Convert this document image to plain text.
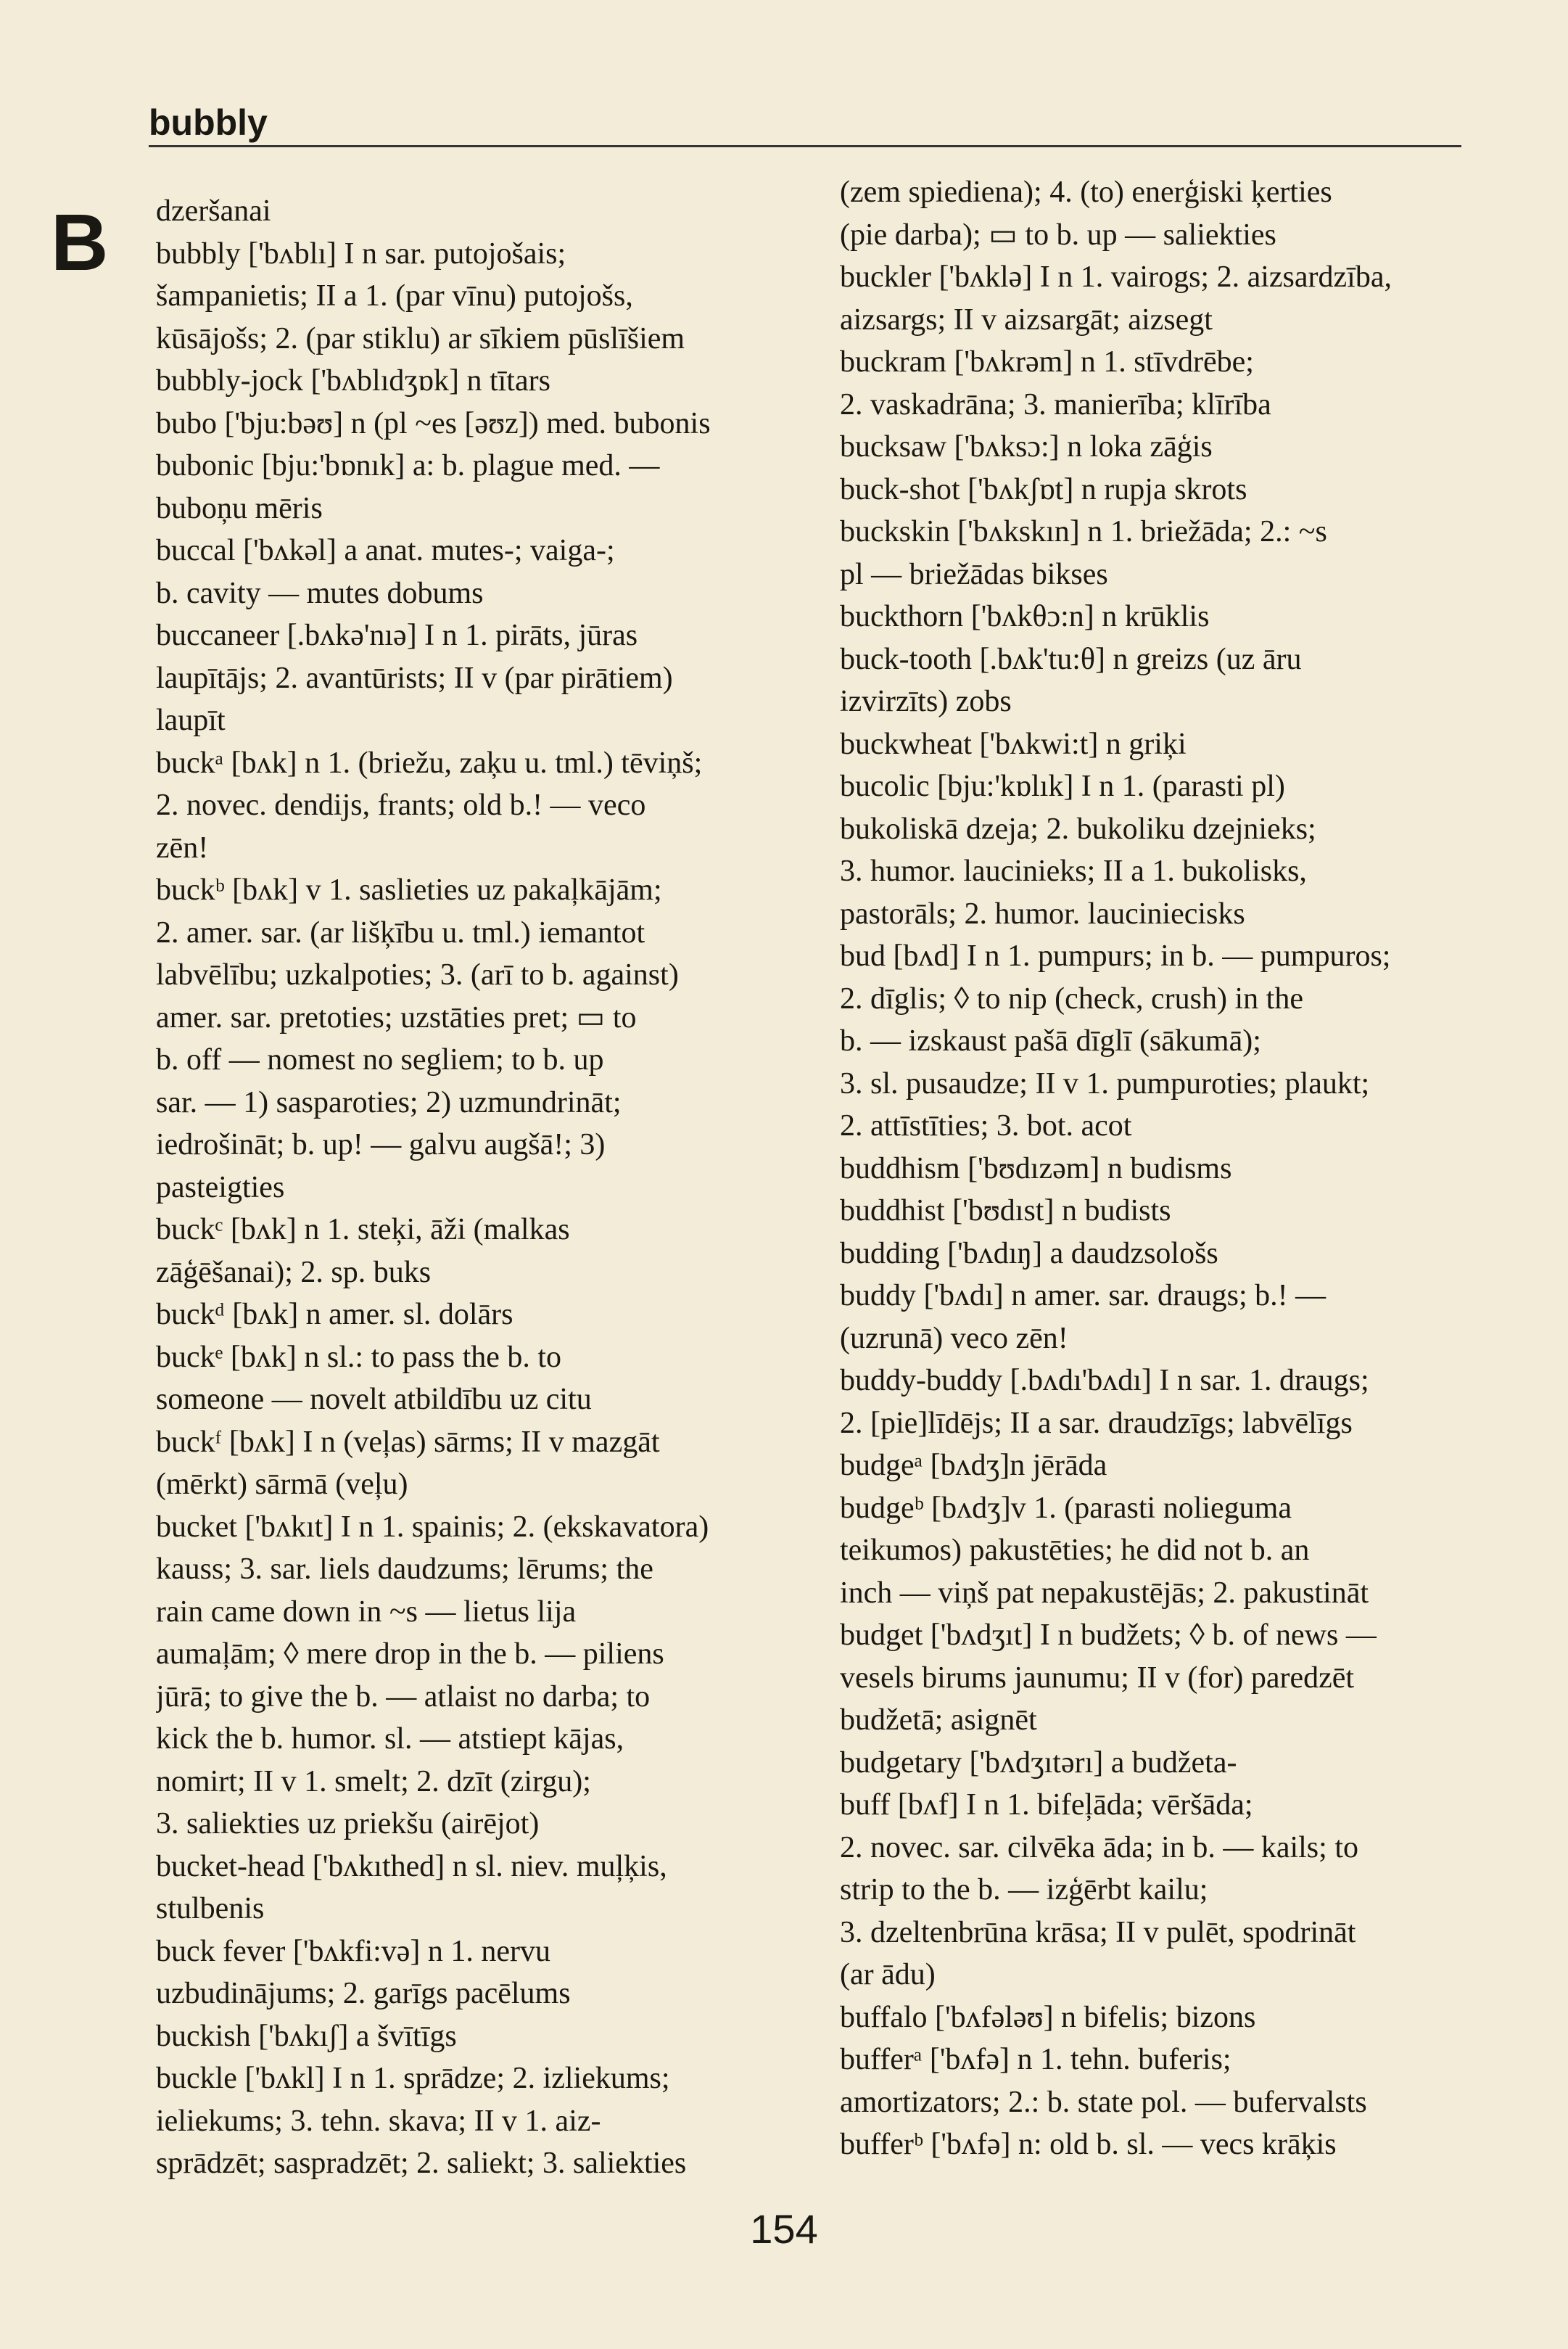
bubbly
B dzeršanai
bubbly ['bʌblı] I n sar. putojošais;
šampanietis; II a 1. (par vīnu) putojošs,
kūsājošs; 2. (par stiklu) ar sīkiem pūslīšiem
bubbly-jock ['bʌblıdʒɒk] n tītars
bubo ['bju:bəʊ] n (pl ~es [əʊz]) med. bubonis
bubonic [bju:'bɒnık] a: b. plague med. —
buboņu mēris
buccal ['bʌkəl] a anat. mutes-; vaiga-;
b. cavity — mutes dobums
buccaneer [.bʌkə'nıə] I n 1. pirāts, jūras
laupītājs; 2. avantūrists; II v (par pirātiem)
laupīt
buckᵃ [bʌk] n 1. (briežu, zaķu u. tml.) tēviņš;
2. novec. dendijs, frants; old b.! — veco
zēn!
buckᵇ [bʌk] v 1. saslieties uz pakaļkājām;
2. amer. sar. (ar lišķību u. tml.) iemantot
labvēlību; uzkalpoties; 3. (arī to b. against)
amer. sar. pretoties; uzstāties pret; ▭ to
b. off — nomest no segliem; to b. up
sar. — 1) sasparoties; 2) uzmundrināt;
iedrošināt; b. up! — galvu augšā!; 3)
pasteigties
buckᶜ [bʌk] n 1. steķi, āži (malkas
zāģēšanai); 2. sp. buks
buckᵈ [bʌk] n amer. sl. dolārs
buckᵉ [bʌk] n sl.: to pass the b. to
someone — novelt atbildību uz citu
buckᶠ [bʌk] I n (veļas) sārms; II v mazgāt
(mērkt) sārmā (veļu)
bucket ['bʌkıt] I n 1. spainis; 2. (ekskavatora)
kauss; 3. sar. liels daudzums; lērums; the
rain came down in ~s — lietus lija
aumaļām; ◊ mere drop in the b. — piliens
jūrā; to give the b. — atlaist no darba; to
kick the b. humor. sl. — atstiept kājas,
nomirt; II v 1. smelt; 2. dzīt (zirgu);
3. saliekties uz priekšu (airējot)
bucket-head ['bʌkıthed] n sl. niev. muļķis,
stulbenis
buck fever ['bʌkfi:və] n 1. nervu
uzbudinājums; 2. garīgs pacēlums
buckish ['bʌkıʃ] a švītīgs
buckle ['bʌkl] I n 1. sprādze; 2. izliekums;
ieliekums; 3. tehn. skava; II v 1. aiz-
sprādzēt; saspradzēt; 2. saliekt; 3. saliekties
(zem spiediena); 4. (to) enerģiski ķerties
(pie darba); ▭ to b. up — saliekties
buckler ['bʌklə] I n 1. vairogs; 2. aizsardzība,
aizsargs; II v aizsargāt; aizsegt
buckram ['bʌkrəm] n 1. stīvdrēbe;
2. vaskadrāna; 3. manierība; klīrība
bucksaw ['bʌksɔ:] n loka zāģis
buck-shot ['bʌkʃɒt] n rupja skrots
buckskin ['bʌkskın] n 1. briežāda; 2.: ~s
pl — briežādas bikses
buckthorn ['bʌkθɔ:n] n krūklis
buck-tooth [.bʌk'tu:θ] n greizs (uz āru
izvirzīts) zobs
buckwheat ['bʌkwi:t] n griķi
bucolic [bju:'kɒlık] I n 1. (parasti pl)
bukoliskā dzeja; 2. bukoliku dzejnieks;
3. humor. laucinieks; II a 1. bukolisks,
pastorāls; 2. humor. lauciniecisks
bud [bʌd] I n 1. pumpurs; in b. — pumpuros;
2. dīglis; ◊ to nip (check, crush) in the
b. — izskaust pašā dīglī (sākumā);
3. sl. pusaudze; II v 1. pumpuroties; plaukt;
2. attīstīties; 3. bot. acot
buddhism ['bʊdızəm] n budisms
buddhist ['bʊdıst] n budists
budding ['bʌdıŋ] a daudzsološs
buddy ['bʌdı] n amer. sar. draugs; b.! —
(uzrunā) veco zēn!
buddy-buddy [.bʌdı'bʌdı] I n sar. 1. draugs;
2. [pie]līdējs; II a sar. draudzīgs; labvēlīgs
budgeᵃ [bʌdʒ]n jērāda
budgeᵇ [bʌdʒ]v 1. (parasti nolieguma
teikumos) pakustēties; he did not b. an
inch — viņš pat nepakustējās; 2. pakustināt
budget ['bʌdʒıt] I n budžets; ◊ b. of news —
vesels birums jaunumu; II v (for) paredzēt
budžetā; asignēt
budgetary ['bʌdʒıtərı] a budžeta-
buff [bʌf] I n 1. bifeļāda; vēršāda;
2. novec. sar. cilvēka āda; in b. — kails; to
strip to the b. — izģērbt kailu;
3. dzeltenbrūna krāsa; II v pulēt, spodrināt
(ar ādu)
buffalo ['bʌfələʊ] n bifelis; bizons
bufferᵃ ['bʌfə] n 1. tehn. buferis;
amortizators; 2.: b. state pol. — bufervalsts
bufferᵇ ['bʌfə] n: old b. sl. — vecs krāķis
154
